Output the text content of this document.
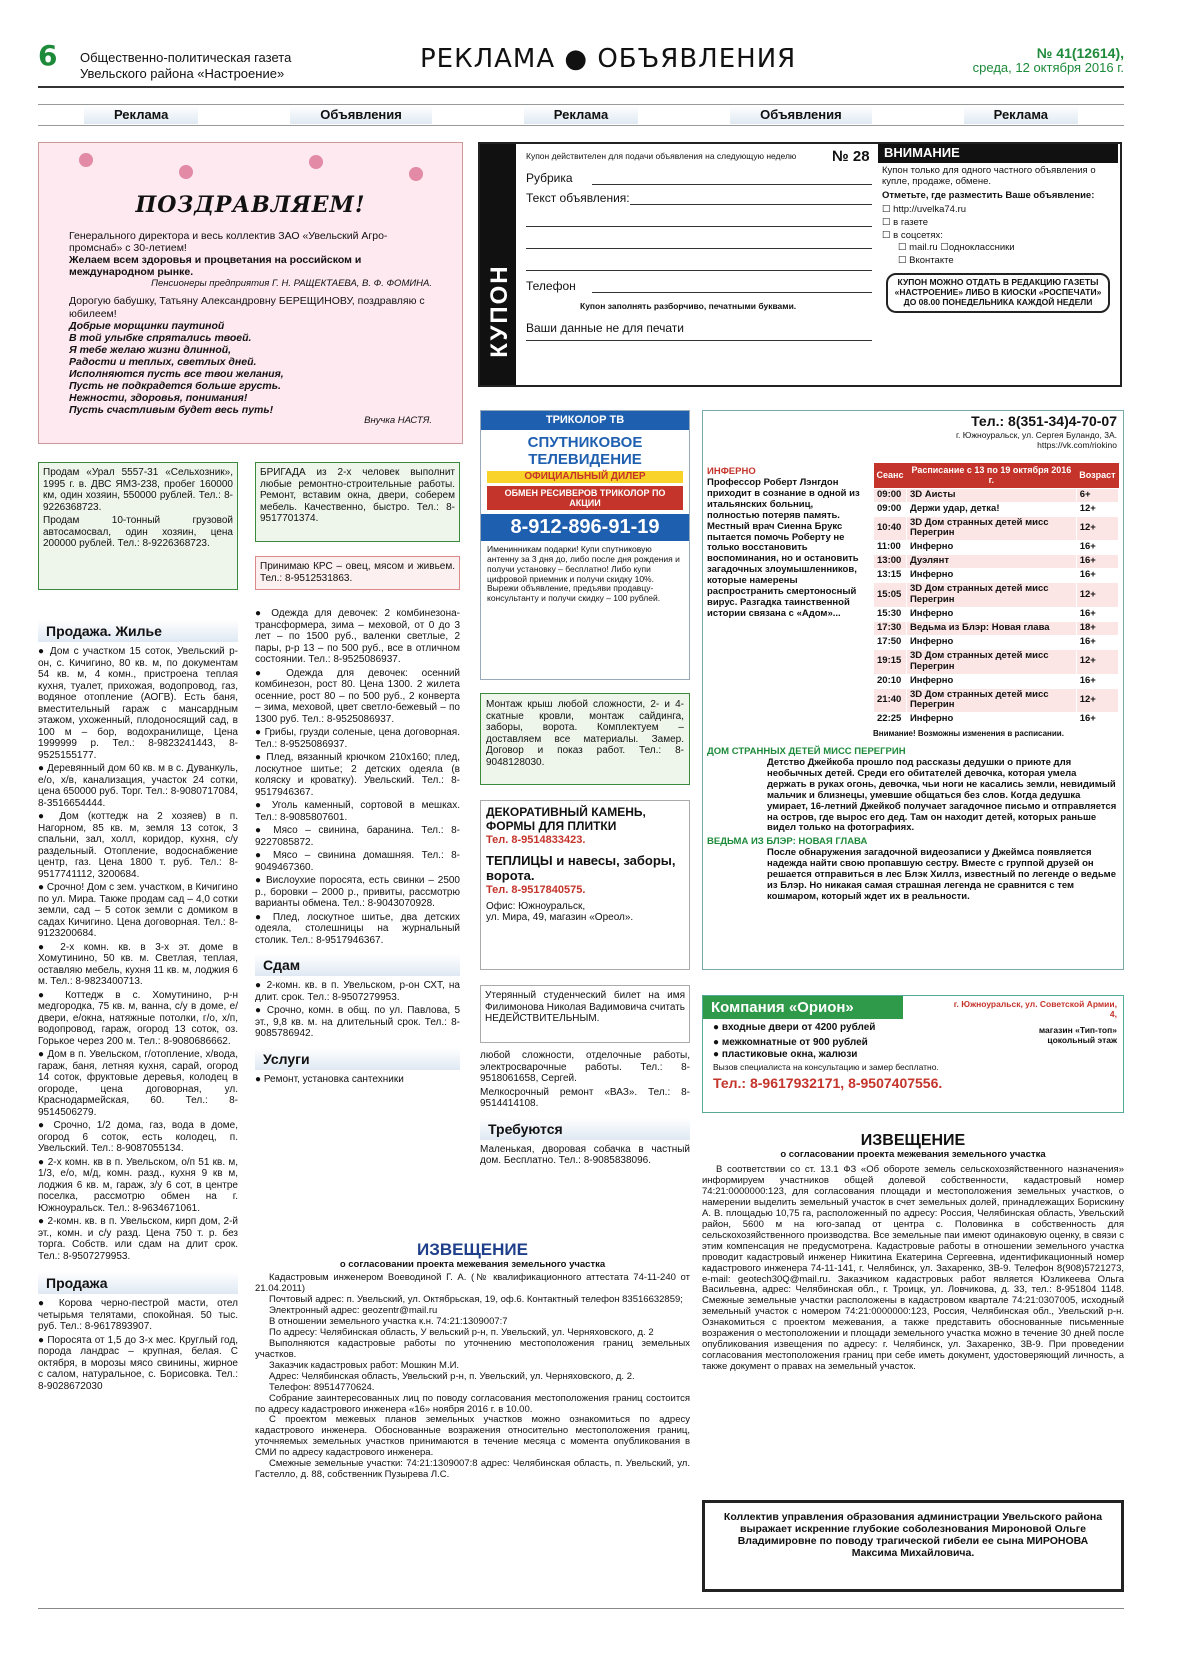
6 Общественно-политическая газета
Увельского района «Настроение»	РЕКЛАМА ● ОБЪЯВЛЕНИЯ	№ 41(12614),
среда, 12 октября 2016 г.
Реклама	Объявления	Реклама	Объявления	Реклама
ПОЗДРАВЛЯЕМ!

Генерального директора и весь коллектив ЗАО «Увельский Агро-промснаб» с 30-летием!

Желаем всем здоровья и процветания на российском и международном рынке.

Пенсионеры предприятия Г. Н. РАЩЕКТАЕВА, В. Ф. ФОМИНА.

Дорогую бабушку, Татьяну Александровну БЕРЕЩИНОВУ, поздравляю с юбилеем!

Добрые морщинки паутиной
В той улыбке спрятались твоей.
Я тебе желаю жизни длинной,
Радости и теплых, светлых дней.
Исполняются пусть все твои желания,
Пусть не подкрадется больше грусть.
Нежности, здоровья, понимания!
Пусть счастливым будет весь путь!

Внучка НАСТЯ.

КУПОН
Купон действителен для подачи объявления на следующую неделю № 28
Рубрика
Текст объявления:
Телефон
Купон заполнять разборчиво, печатными буквами.
Ваши данные не для печати
ВНИМАНИЕ
Купон только для одного частного объявления о купле, продаже, обмене.
Отметьте, где разместить Ваше объявление:
☐ http://uvelka74.ru
☐ в газете
☐ в соцсетях:
☐ mail.ru ☐одноклассники
☐ Вконтакте
КУПОН МОЖНО ОТДАТЬ В РЕДАКЦИЮ ГАЗЕТЫ «НАСТРОЕНИЕ» ЛИБО В КИОСКИ «РОСПЕЧАТИ» ДО 08.00 ПОНЕДЕЛЬНИКА КАЖДОЙ НЕДЕЛИ
Продам «Урал 5557-31 «Сельхозник», 1995 г. в. ДВС ЯМЗ-238, пробег 160000 км, один хозяин, 550000 рублей. Тел.: 8-9226368723.
Продам 10-тонный грузовой автосамосвал, один хозяин, цена 200000 рублей. Тел.: 8-9226368723.
Продажа. Жилье
● Дом с участком 15 соток, Увельский р-он, с. Кичигино, 80 кв. м, по документам 54 кв. м, 4 комн., пристроена теплая кухня, туалет, прихожая, водопровод, газ, водяное отопление (АОГВ). Есть баня, вместительный гараж с мансардным этажом, ухоженный, плодоносящий сад, в 100 м – бор, водохранилище, Цена 1999999 р. Тел.: 8-9823241443, 8-9525155177.
● Деревянный дом 60 кв. м в с. Дуванкуль, е/о, х/в, канализация, участок 24 сотки, цена 650000 руб. Торг. Тел.: 8-9080717084, 8-3516654444.
● Дом (коттедж на 2 хозяев) в п. Нагорном, 85 кв. м, земля 13 соток, 3 спальни, зал, холл, коридор, кухня, с/у раздельный. Отопление, водоснабжение центр, газ. Цена 1800 т. руб. Тел.: 8-9517741112, 3200684.
● Срочно! Дом с зем. участком, в Кичигино по ул. Мира. Также продам сад – 4,0 сотки земли, сад – 5 соток земли с домиком в садах Кичигино. Цена договорная. Тел.: 8-9123200684.
● 2-х комн. кв. в 3-х эт. доме в Хомутинино, 50 кв. м. Светлая, теплая, оставляю мебель, кухня 11 кв. м, лоджия 6 м. Тел.: 8-9823400713.
● Коттедж в с. Хомутинино, р-н медгородка, 75 кв. м, ванна, с/у в доме, е/двери, е/окна, натяжные потолки, г/о, х/п, водопровод, гараж, огород 13 соток, оз. Горькое через 200 м. Тел.: 8-9080686662.
● Дом в п. Увельском, г/отопление, х/вода, гараж, баня, летняя кухня, сарай, огород 14 соток, фруктовые деревья, колодец в огороде, цена договорная, ул. Краснодармейская, 60. Тел.: 8-9514506279.
● Срочно, 1/2 дома, газ, вода в доме, огород 6 соток, есть колодец, п. Увельский. Тел.: 8-9087055134.
● 2-х комн. кв в п. Увельском, о/п 51 кв. м, 1/3, е/о, м/д, комн. разд., кухня 9 кв м, лоджия 6 кв. м, гараж, з/у 6 сот, в центре поселка, рассмотрю обмен на г. Южноуральск. Тел.: 8-9634671061.
● 2-комн. кв. в п. Увельском, кирп дом, 2-й эт., комн. и с/у разд. Цена 750 т. р. без торга. Собств. или сдам на длит срок. Тел.: 8-9507279953.
Продажа
● Корова черно-пестрой масти, отел четырьмя телятами, спокойная. 50 тыс. руб. Тел.: 8-9617893907.
● Поросята от 1,5 до 3-х мес. Круглый год, порода ландрас – крупная, белая. С октября, в морозы мясо свинины, жирное с салом, натуральное, с. Борисовка. Тел.: 8-9028672030
БРИГАДА из 2-х человек выполнит любые ремонтно-строительные работы. Ремонт, вставим окна, двери, соберем мебель. Качественно, быстро. Тел.: 8-9517701374.
Принимаю КРС – овец, мясом и живьем. Тел.: 8-9512531863.
● Одежда для девочек: 2 комбинезона-трансформера, зима – меховой, от 0 до 3 лет – по 1500 руб., валенки светлые, 2 пары, р-р 13 – по 500 руб., все в отличном состоянии. Тел.: 8-9525086937.
● Одежда для девочек: осенний комбинезон, рост 80. Цена 1300. 2 жилета осенние, рост 80 – по 500 руб., 2 конверта – зима, меховой, цвет светло-бежевый – по 1300 руб. Тел.: 8-9525086937.
● Грибы, грузди соленые, цена договорная. Тел.: 8-9525086937.
● Плед, вязанный крючком 210х160; плед, лоскутное шитье; 2 детских одеяла (в коляску и кроватку). Увельский. Тел.: 8-9517946367.
● Уголь каменный, сортовой в мешках. Тел.: 8-9085807601.
● Мясо – свинина, баранина. Тел.: 8-9227085872.
● Мясо – свинина домашняя. Тел.: 8-9049467360.
● Вислоухие поросята, есть свинки – 2500 р., боровки – 2000 р., привиты, рассмотрю варианты обмена. Тел.: 8-9043070928.
● Плед, лоскутное шитье, два детских одеяла, столешницы на журнальный столик. Тел.: 8-9517946367.
Сдам
● 2-комн. кв. в п. Увельском, р-он СХТ, на длит. срок. Тел.: 8-9507279953.
● Срочно, комн. в общ. по ул. Павлова, 5 эт., 9,8 кв. м. на длительный срок. Тел.: 8-9085786942.
Услуги
● Ремонт, установка сантехники
ТРИКОЛОР ТВ
СПУТНИКОВОЕ ТЕЛЕВИДЕНИЕ
ОФИЦИАЛЬНЫЙ ДИЛЕР
ОБМЕН РЕСИВЕРОВ ТРИКОЛОР ПО АКЦИИ
8-912-896-91-19
Именинникам подарки! Купи спутниковую антенну за 3 дня до, либо после дня рождения и получи установку – бесплатно! Либо купи цифровой приемник и получи скидку 10%. Вырежи объявление, предъяви продавцу-консультанту и получи скидку – 100 рублей.
Монтаж крыш любой сложности, 2- и 4-скатные кровли, монтаж сайдинга, заборы, ворота. Комплектуем – доставляем все материалы. Замер. Договор и показ работ. Тел.: 8-9048128030.
ДЕКОРАТИВНЫЙ КАМЕНЬ, ФОРМЫ ДЛЯ ПЛИТКИ
Тел. 8-9514833423.
ТЕПЛИЦЫ и навесы, заборы, ворота.
Тел. 8-9517840575.
Офис: Южноуральск,
ул. Мира, 49, магазин «Ореол».
Утерянный студенческий билет на имя Филимонова Николая Вадимовича считать НЕДЕЙСТВИТЕЛЬНЫМ.
любой сложности, отделочные работы, электросварочные работы. Тел.: 8-9518061658, Сергей.
Мелкосрочный ремонт «ВАЗ». Тел.: 8-9514414108.
Требуются
Маленькая, дворовая собачка в частный дом. Бесплатно. Тел.: 8-9085838096.
Тел.: 8(351-34)4-70-07
г. Южноуральск, ул. Сергея Буландо, 3А.
https://vk.com/riokino
ИНФЕРНО
Профессор Роберт Лэнгдон приходит в сознание в одной из итальянских больниц, полностью потеряв память. Местный врач Сиенна Брукс пытается помочь Роберту не только восстановить воспоминания, но и остановить загадочных злоумышленников, которые намерены распространить смертоносный вирус. Разгадка таинственной истории связана с «Адом»...
Сеанс	Расписание с 13 по 19 октября 2016 г.	Возраст
09:00	3D Аисты	6+
09:00	Держи удар, детка!	12+
10:40	3D Дом странных детей мисс Перегрин	12+
11:00	Инферно	16+
13:00	Дуэлянт	16+
13:15	Инферно	16+
15:05	3D Дом странных детей мисс Перегрин	12+
15:30	Инферно	16+
17:30	Ведьма из Блэр: Новая глава	18+
17:50	Инферно	16+
19:15	3D Дом странных детей мисс Перегрин	12+
20:10	Инферно	16+
21:40	3D Дом странных детей мисс Перегрин	12+
22:25	Инферно	16+
Внимание! Возможны изменения в расписании.
ДОМ СТРАННЫХ ДЕТЕЙ МИСС ПЕРЕГРИН
Детство Джейкоба прошло под рассказы дедушки о приюте для необычных детей. Среди его обитателей девочка, которая умела держать в руках огонь, девочка, чьи ноги не касались земли, невидимый мальчик и близнецы, умевшие общаться без слов. Когда дедушка умирает, 16-летний Джейкоб получает загадочное письмо и отправляется на остров, где вырос его дед. Там он находит детей, которых раньше видел только на фотографиях.
ВЕДЬМА ИЗ БЛЭР: НОВАЯ ГЛАВА
После обнаружения загадочной видеозаписи у Джеймса появляется надежда найти свою пропавшую сестру. Вместе с группой друзей он решается отправиться в лес Блэк Хиллз, известный по легенде о ведьме из Блэр. Но никакая самая страшная легенда не сравнится с тем кошмаром, который ждет их в реальности.
Компания «Орион»	г. Южноуральск, ул. Советской Армии, 4,
магазин «Тип-топ» цокольный этаж
● входные двери от 4200 рублей
● межкомнатные от 900 рублей
● пластиковые окна, жалюзи
Вызов специалиста на консультацию и замер бесплатно.
Тел.: 8-9617932171, 8-9507407556.
ИЗВЕЩЕНИЕ
о согласовании проекта межевания земельного участка
В соответствии со ст. 13.1 ФЗ «Об обороте земель сельскохозяйственного назначения» информируем участников общей долевой собственности, кадастровый номер 74:21:0000000:123, для согласования площади и местоположения земельных участков, о намерении выделить земельный участок в счет земельных долей, принадлежащих Борискину А. В. площадью 10,75 га, расположенный по адресу: Россия, Челябинская область, Увельский район, 5600 м на юго-запад от центра с. Половинка в собственность для сельскохозяйственного производства. Все земельные паи имеют одинаковую оценку, в связи с этим компенсация не предусмотрена. Кадастровые работы в отношении земельного участка проводит кадастровый инженер Никитина Екатерина Сергеевна, идентификационный номер кадастрового инженера 74-11-141, г. Челябинск, ул. Захаренко, 3В-9. Телефон 8(908)5721273, e-mail: geotech30Q@mail.ru. Заказчиком кадастровых работ является Юзликеева Ольга Васильевна, адрес: Челябинская обл., г. Троицк, ул. Ловчикова, д. 33, тел.: 8-951804 1148. Смежные земельные участки расположены в кадастровом квартале 74:21:0307005, исходный земельный участок с номером 74:21:0000000:123, Россия, Челябинская обл., Увельский р-н. Ознакомиться с проектом межевания, а также представить обоснованные письменные возражения о местоположении и площади земельного участка можно в течение 30 дней после опубликования извещения по адресу: г. Челябинск, ул. Захаренко, 3В-9. При проведении согласования местоположения границ при себе иметь документ, удостоверяющий личность, а также документ о правах на земельный участок.
ИЗВЕЩЕНИЕ
о согласовании проекта межевания земельного участка
Кадастровым инженером Воеводиной Г. А. (№ квалификационного аттестата 74-11-240 от 21.04.2011)
Почтовый адрес: п. Увельский, ул. Октябрьская, 19, оф.6. Контактный телефон 83516632859;
Электронный адрес: geozentr@mail.ru
В отношении земельного участка к.н. 74:21:1309007:7
По адресу: Челябинская область, У вельский р-н, п. Увельский, ул. Черняховского, д. 2
Выполняются кадастровые работы по уточнению местоположения границ земельных участков.
Заказчик кадастровых работ: Мошкин М.И.
Адрес: Челябинская область, Увельский р-н, п. Увельский, ул. Черняховского, д. 2.
Телефон: 89514770624.
Собрание заинтересованных лиц по поводу согласования местоположения границ состоится по адресу кадастрового инженера «16» ноября 2016 г. в 10.00.
С проектом межевых планов земельных участков можно ознакомиться по адресу кадастрового инженера. Обоснованные возражения относительно местоположения границ, уточняемых земельных участков принимаются в течение месяца с момента опубликования в СМИ по адресу кадастрового инженера.
Смежные земельные участки: 74:21:1309007:8 адрес: Челябинская область, п. Увельский, ул. Гастелло, д. 88, собственник Пузырева Л.С.
Коллектив управления образования администрации Увельского района выражает искренние глубокие соболезнования Мироновой Ольге Владимировне по поводу трагической гибели ее сына МИРОНОВА Максима Михайловича.
